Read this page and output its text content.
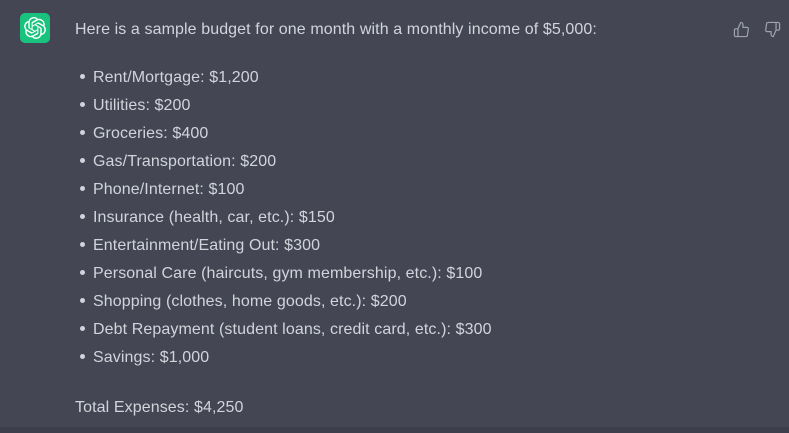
Here is a sample budget for one month with a monthly income of $5,000:

Rent/Mortgage: $1,200
Utilities: $200
Groceries: $400
Gas/Transportation: $200
Phone/Internet: $100
Insurance (health, car, etc.): $150
Entertainment/Eating Out: $300
Personal Care (haircuts, gym membership, etc.): $100
Shopping (clothes, home goods, etc.): $200
Debt Repayment (student loans, credit card, etc.): $300
Savings: $1,000

Total Expenses: $4,250
